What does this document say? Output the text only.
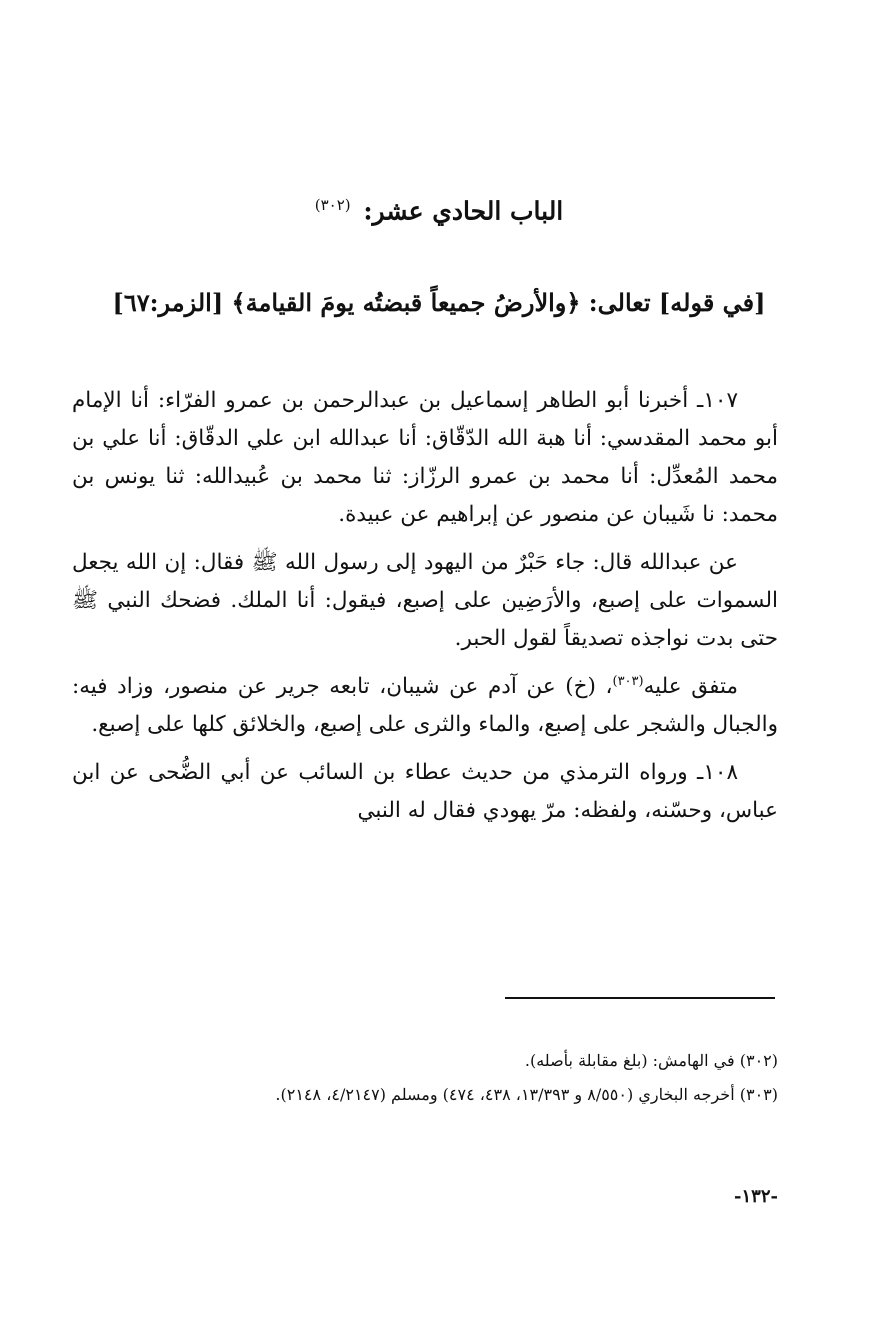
الباب الحادي عشر: $^{(٣٠٢)}$
[في قوله] تعالى: ﴿والأرضُ جميعاً قبضتُه يومَ القيامة﴾ [الزمر:٦٧]

١٠٧ـ أخبرنا أبو الطاهر إسماعيل بن عبدالرحمن بن عمرو الفرّاء: أنا الإمام أبو محمد المقدسي: أنا هبة الله الدّقّاق: أنا عبدالله ابن علي الدقّاق: أنا علي بن محمد المُعدِّل: أنا محمد بن عمرو الرزّاز: ثنا محمد بن عُبيدالله: ثنا يونس بن محمد: نا شَيبان عن منصور عن إبراهيم عن عبيدة.

عن عبدالله قال: جاء حَبْرٌ من اليهود إلى رسول الله ﷺ فقال: إن الله يجعل السموات على إصبع، والأرَضِين على إصبع، فيقول: أنا الملك. فضحك النبي ﷺ حتى بدت نواجذه تصديقاً لقول الحبر.

متفق عليه$^{(٣٠٣)}$، (خ) عن آدم عن شيبان، تابعه جرير عن منصور، وزاد فيه: والجبال والشجر على إصبع، والماء والثرى على إصبع، والخلائق كلها على إصبع.

١٠٨ـ ورواه الترمذي من حديث عطاء بن السائب عن أبي الضُّحى عن ابن عباس، وحسّنه، ولفظه: مرّ يهودي فقال له النبي

(٣٠٢) في الهامش: (بلغ مقابلة بأصله).

(٣٠٣) أخرجه البخاري (٨/٥٥٠ و ١٣/٣٩٣، ٤٣٨، ٤٧٤) ومسلم (٤/٢١٤٧، ٢١٤٨).

-١٣٢-
